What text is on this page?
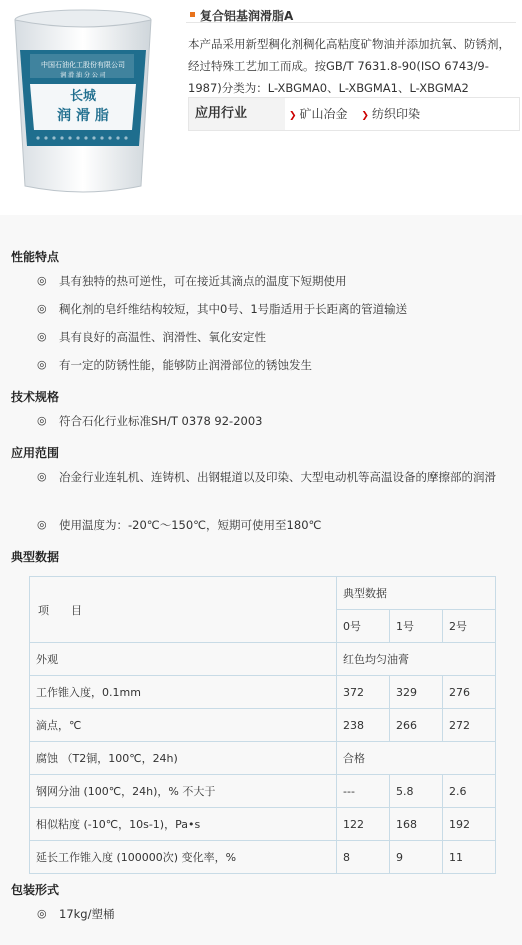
中国石油化工股份有限公司
润 滑 油 分 公 司
长城
润 滑 脂
复合铝基润滑脂A
本产品采用新型稠化剂稠化高粘度矿物油并添加抗氧、防锈剂，经过特殊工艺加工而成。按GB/T 7631.8-90(ISO 6743/9-1987)分类为：L-XBGMA0、L-XBGMA1、L-XBGMA2
应用行业	❯ 矿山冶金 ❯ 纺织印染
性能特点
◎ 具有独特的热可逆性，可在接近其滴点的温度下短期使用
◎ 稠化剂的皂纤维结构较短，其中0号、1号脂适用于长距离的管道输送
◎ 具有良好的高温性、润滑性、氧化安定性
◎ 有一定的防锈性能，能够防止润滑部位的锈蚀发生
技术规格
◎ 符合石化行业标准SH/T 0378 92-2003
应用范围
◎ 冶金行业连轧机、连铸机、出钢辊道以及印染、大型电动机等高温设备的摩擦部的润滑
◎ 使用温度为：-20℃～150℃，短期可使用至180℃
典型数据
项　　目	典型数据		
	0号	1号	2号
外观	红色均匀油膏		
工作锥入度，0.1mm	372	329	276
滴点，℃	238	266	272
腐蚀 （T2铜，100℃，24h)	合格		
钢网分油 (100℃，24h)，% 不大于	---	5.8	2.6
相似粘度 (-10℃，10s-1)，Pa•s	122	168	192
延长工作锥入度 (100000次) 变化率，%	8	9	11
包装形式
◎ 17kg/塑桶
